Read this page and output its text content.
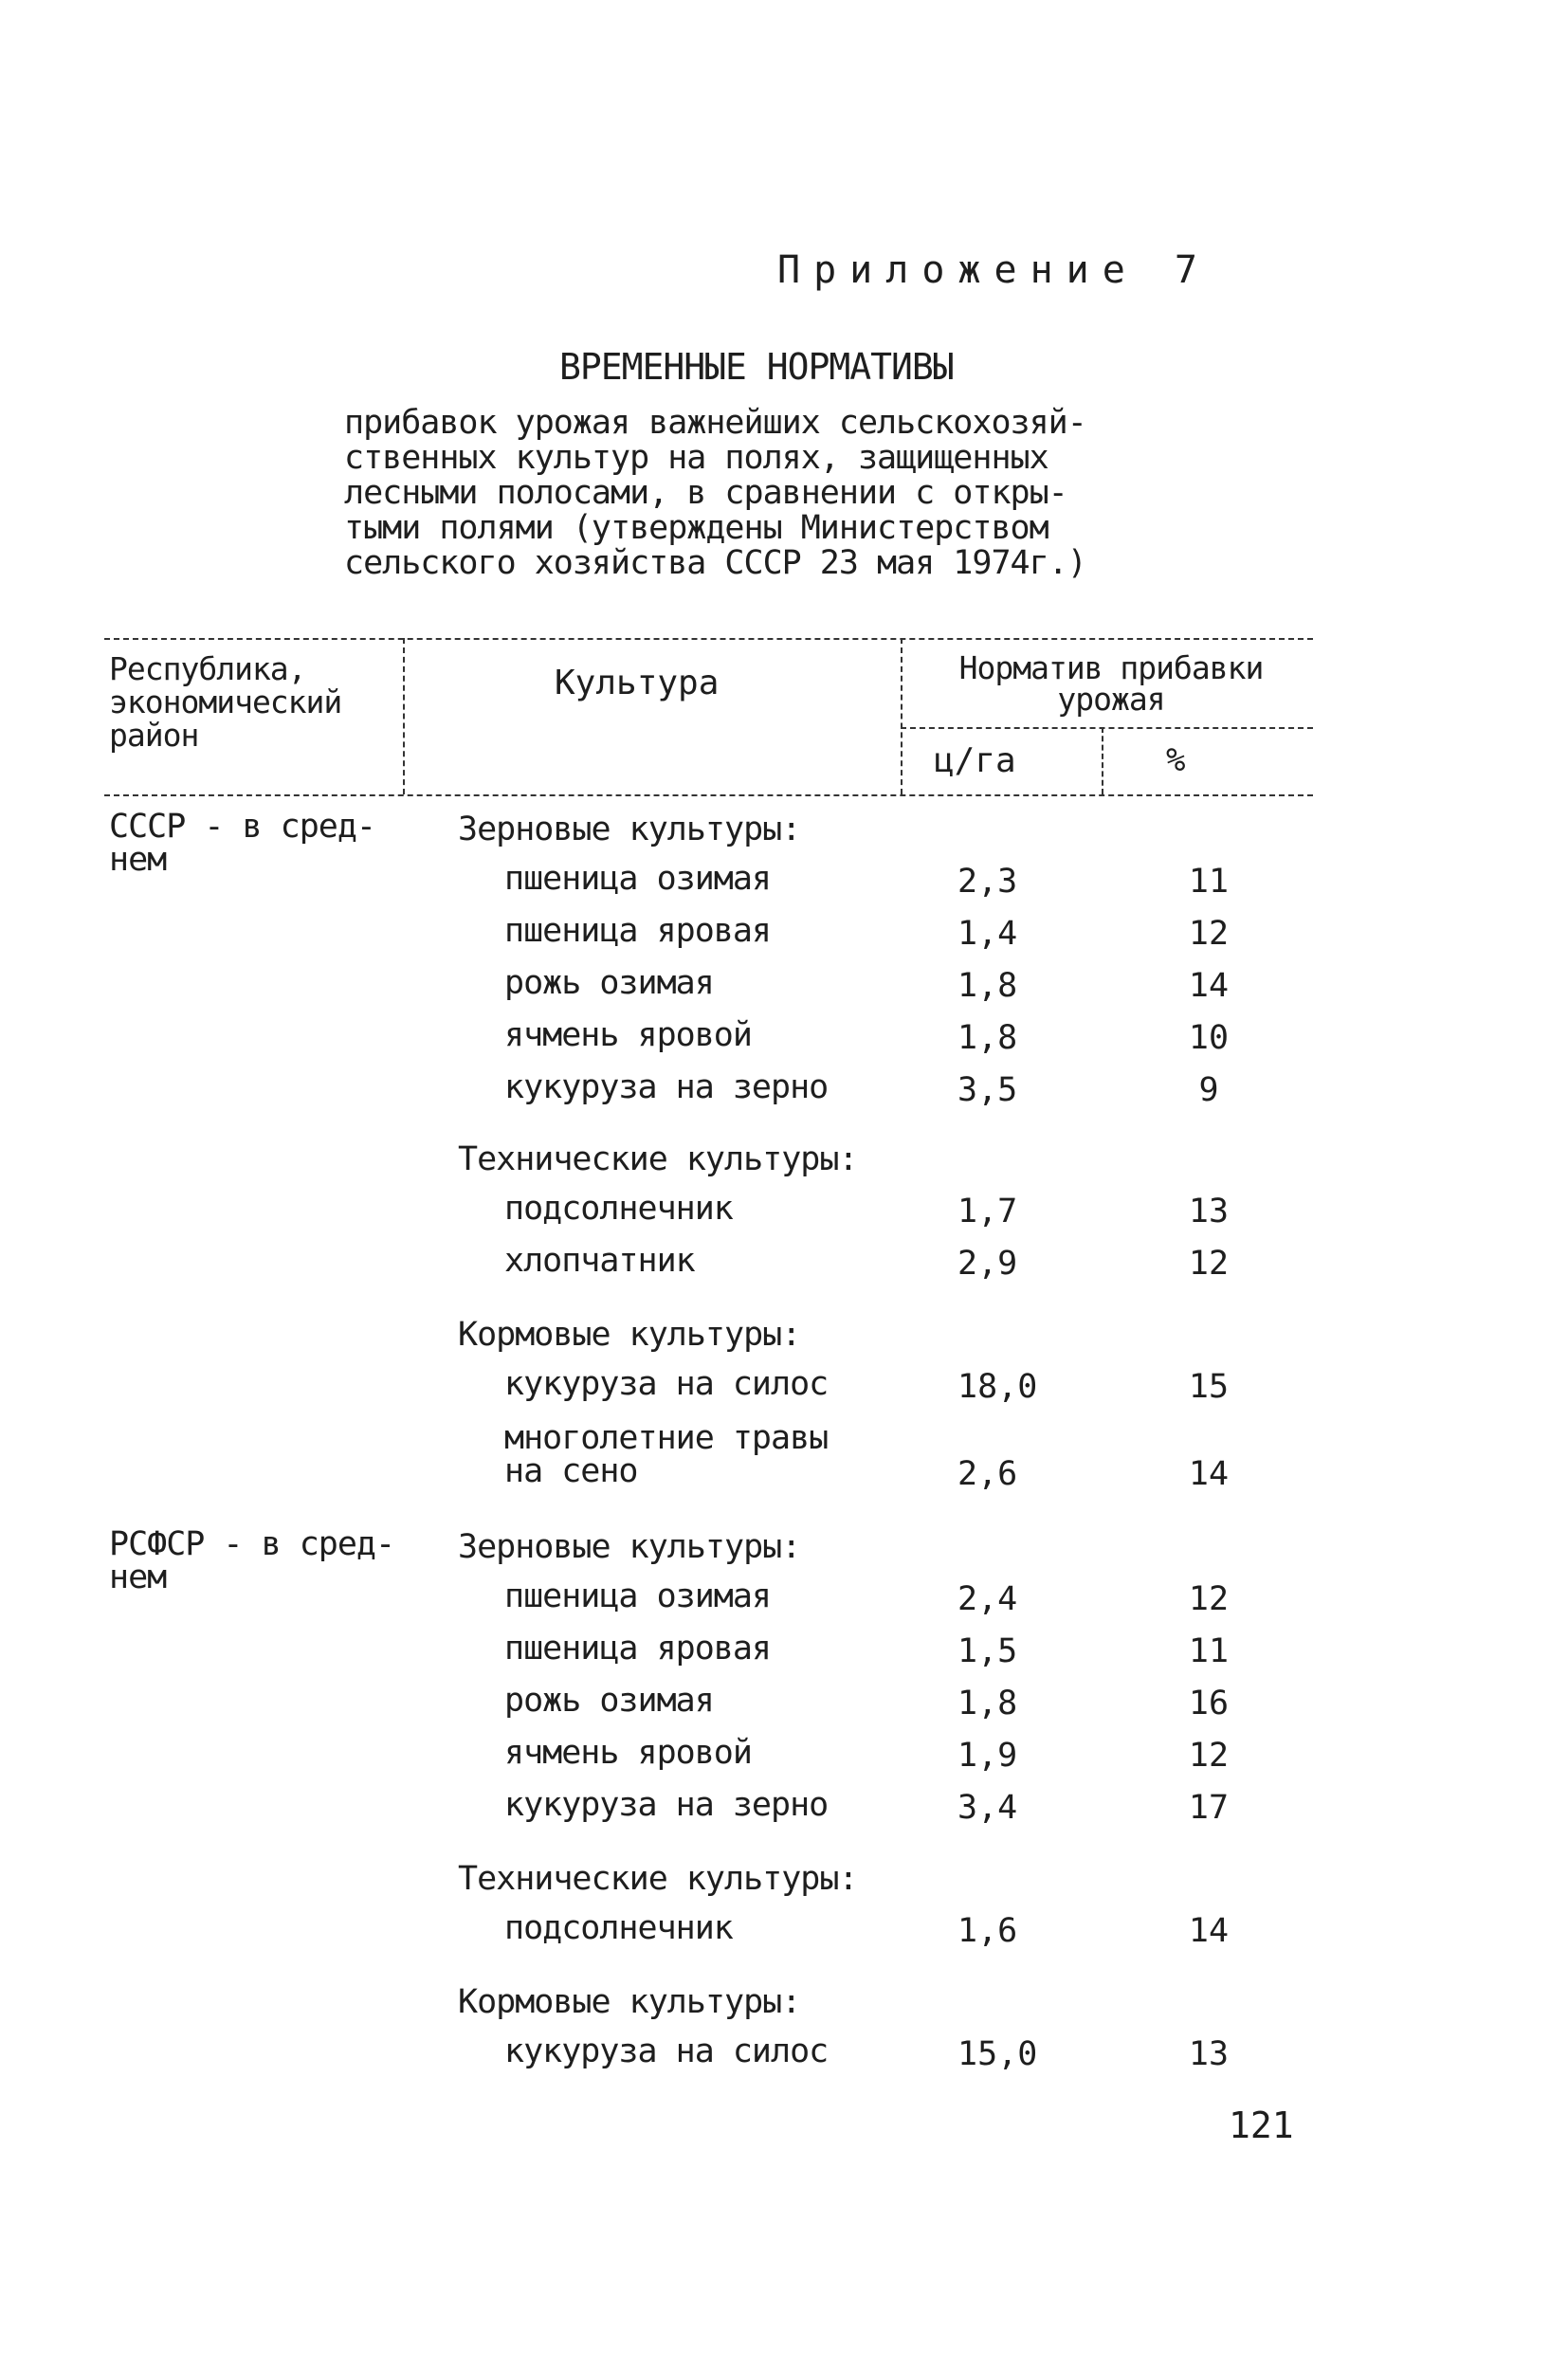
Приложение 7
ВРЕМЕННЫЕ НОРМАТИВЫ
прибавок урожая важнейших сельскохозяй-
ственных культур на полях, защищенных
лесными полосами, в сравнении с откры-
тыми полями (утверждены Министерством
сельского хозяйства СССР 23 мая 1974г.)
Республика,
экономический
район
Культура	Норматив прибавки
урожая
ц/га	%
СССР - в сред-
нем
Зерновые культуры:
пшеница озимая	2,3	11
пшеница яровая	1,4	12
рожь озимая	1,8	14
ячмень яровой	1,8	10
кукуруза на зерно	3,5	9
Технические культуры:
подсолнечник	1,7	13
хлопчатник	2,9	12
Кормовые культуры:
кукуруза на силос	18,0	15
многолетние травы
на сено	2,6	14
РСФСР - в сред-
нем
Зерновые культуры:
пшеница озимая	2,4	12
пшеница яровая	1,5	11
рожь озимая	1,8	16
ячмень яровой	1,9	12
кукуруза на зерно	3,4	17
Технические культуры:
подсолнечник	1,6	14
Кормовые культуры:
кукуруза на силос	15,0	13
121
